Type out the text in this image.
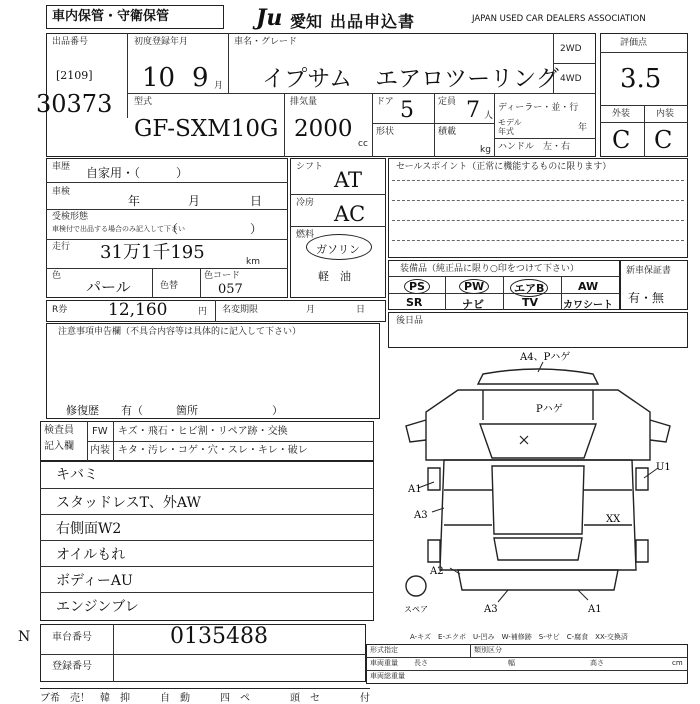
車内保管・守衛保管	Ju 愛知 出品申込書	JAPAN USED CAR DEALERS ASSOCIATION
出品番号
[2109]
30373
初度登録年月
10 9 月
車名・グレード
イプサム　エアロツーリング
2WD
4WD
評価点
3.5
外装	内装
C C
型式
GF-SXM10G
排気量
2000
cc
ドア 5	定員 7 人
形状	積載
kg
ディーラー・並・行
モデル
年式	年
ハンドル　左・右
車歴 自家用・（　　　）
車検
年	月	日
受検形態
車検付で出品する場合のみ記入して下さい
（　　　　　　）
走行 31万1千195	km
色
パール	色替
色コード
057
シフト
AT
冷房 AC
燃料
ガソリン
軽　油
セールスポイント（正常に機能するものに限ります）
装備品（純正品に限り○印をつけて下さい）
PS	PW	エアB	AW
SR	ナビ	TV カワシート
新車保証書
有・無
R券 12,160	円 名変期限	月	日
注意事項申告欄（不具合内容等は具体的に記入して下さい）
修復歴　　有（　　　箇所	）
後日品
検査員
記入欄
FW キズ・飛石・ヒビ割・リペア跡・交換
内装 キタ・汚レ・コゲ・穴・スレ・キレ・破レ
キバミ
スタッドレスT、外AW
右側面W2
オイルもれ
ボディーAU
エンジンブレ
A4、Pハゲ
Pハゲ
U1
A1
A3	XX
A2
スペア	A3	A1
A-キズ　E-エクボ　U-凹み　W-補修跡　S-サビ　C-腐食　XX-交換済
N 車台番号	01354​88
登録番号
形式指定	類別区分
車両重量 長さ	幅	高さ	cm
車両総重量
ブ希　売！　韓　抑　　　自　動　　　四　ペ　　　　頭　セ　　　　付
